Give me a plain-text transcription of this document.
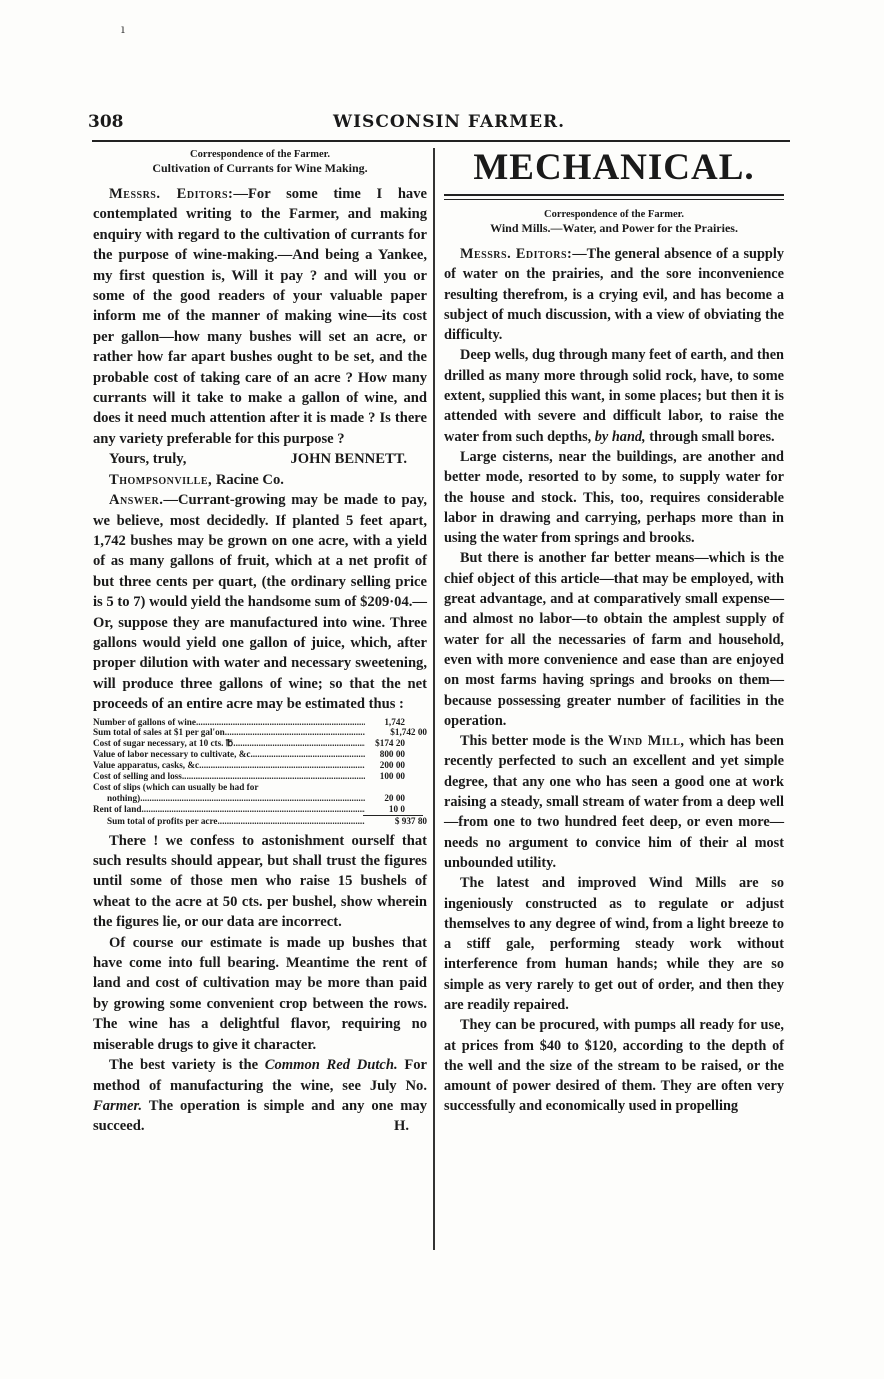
ı
308	WISCONSIN FARMER.
Correspondence of the Farmer.
Cultivation of Currants for Wine Making.

Messrs. Editors:—For some time I have contemplated writing to the Farmer, and making enquiry with regard to the cultivation of currants for the purpose of wine-making.—And being a Yankee, my first question is, Will it pay ? and will you or some of the good readers of your valuable paper inform me of the manner of making wine—its cost per gallon—how many bushes will set an acre, or rather how far apart bushes ought to be set, and the probable cost of taking care of an acre ? How many currants will it take to make a gallon of wine, and does it need much attention after it is made ? Is there any variety preferable for this purpose ?

Yours, truly,	JOHN BENNETT.

Thompsonville, Racine Co.

Answer.—Currant-growing may be made to pay, we believe, most decidedly. If planted 5 feet apart, 1,742 bushes may be grown on one acre, with a yield of as many gallons of fruit, which at a net profit of but three cents per quart, (the ordinary selling price is 5 to 7) would yield the handsome sum of $209·04.—Or, suppose they are manufactured into wine. Three gallons would yield one gallon of juice, which, after proper dilution with water and necessary sweetening, will produce three gallons of wine; so that the net proceeds of an entire acre may be estimated thus :

Number of gallons of wine .....	1,742
Sum total of sales at $1 per gal'on .....	$1,742 00
Cost of sugar necessary, at 10 cts. ℔ .....	$174 20
Value of labor necessary to cultivate, &c... .....	800 00
Value apparatus, casks, &c. .....	200 00
Cost of selling and loss .....	100 00
Cost of slips (which can usually be had for
nothing) .....	20 00
Rent of land .....	10 0
Sum total of profits per acre .....	$ 937 80

There ! we confess to astonishment ourself that such results should appear, but shall trust the figures until some of those men who raise 15 bushels of wheat to the acre at 50 cts. per bushel, show wherein the figures lie, or our data are incorrect.

Of course our estimate is made up bushes that have come into full bearing. Meantime the rent of land and cost of cultivation may be more than paid by growing some convenient crop between the rows. The wine has a delightful flavor, requiring no miserable drugs to give it character.

The best variety is the Common Red Dutch. For method of manufacturing the wine, see July No. Farmer. The operation is simple and any one may succeed.	H.

MECHANICAL.
Correspondence of the Farmer.
Wind Mills.—Water, and Power for the Prairies.

Messrs. Editors:—The general absence of a supply of water on the prairies, and the sore inconvenience resulting therefrom, is a crying evil, and has become a subject of much discussion, with a view of obviating the difficulty.

Deep wells, dug through many feet of earth, and then drilled as many more through solid rock, have, to some extent, supplied this want, in some places; but then it is attended with severe and difficult labor, to raise the water from such depths, by hand, through small bores.

Large cisterns, near the buildings, are another and better mode, resorted to by some, to supply water for the house and stock. This, too, requires considerable labor in drawing and carrying, perhaps more than in using the water from springs and brooks.

But there is another far better means—which is the chief object of this article—that may be employed, with great advantage, and at comparatively small expense—and almost no labor—to obtain the amplest supply of water for all the necessaries of farm and household, even with more convenience and ease than are enjoyed on most farms having springs and brooks on them—because possessing greater number of facilities in the operation.

This better mode is the Wind Mill, which has been recently perfected to such an excellent and yet simple degree, that any one who has seen a good one at work raising a steady, small stream of water from a deep well—from one to two hundred feet deep, or even more—needs no argument to convice him of their al most unbounded utility.

The latest and improved Wind Mills are so ingeniously constructed as to regulate or adjust themselves to any degree of wind, from a light breeze to a stiff gale, performing steady work without interference from human hands; while they are so simple as very rarely to get out of order, and then they are readily repaired.

They can be procured, with pumps all ready for use, at prices from $40 to $120, according to the depth of the well and the size of the stream to be raised, or the amount of power desired of them. They are often very successfully and economically used in propelling
